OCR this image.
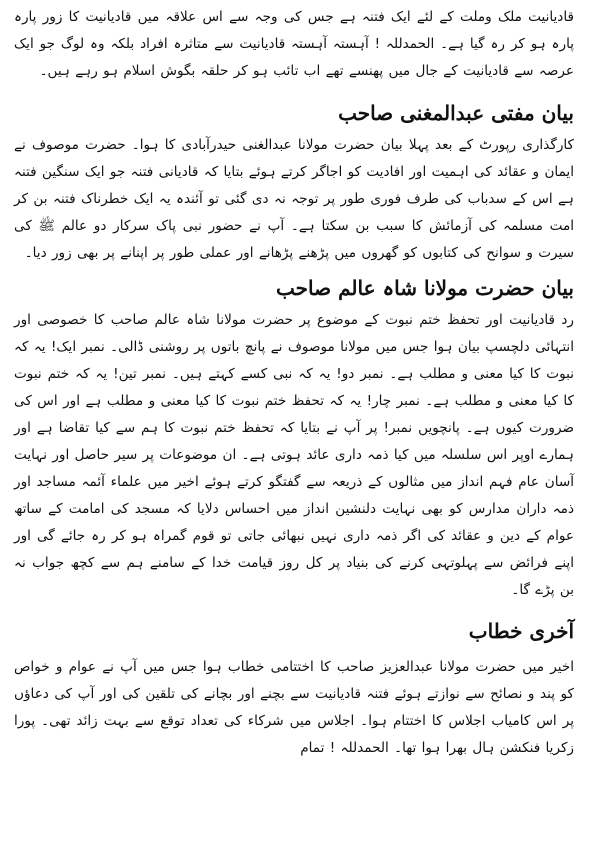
قادیانیت ملک وملت کے لئے ایک فتنہ ہے جس کی وجہ سے اس علاقہ میں قادیانیت کا زور پارہ پارہ ہو کر رہ گیا ہے۔ الحمدللہ ! آہستہ آہستہ قادیانیت سے متاثرہ افراد بلکہ وہ لوگ جو ایک عرصہ سے قادیانیت کے جال میں پھنسے تھے اب تائب ہو کر حلقہ بگوش اسلام ہو رہے ہیں۔

بیان مفتی عبدالمغنی صاحب

کارگذاری رپورٹ کے بعد پہلا بیان حضرت مولانا عبدالغنی حیدرآبادی کا ہوا۔ حضرت موصوف نے ایمان و عقائد کی اہمیت اور افادیت کو اجاگر کرتے ہوئے بتایا کہ قادیانی فتنہ جو ایک سنگین فتنہ ہے اس کے سدباب کی طرف فوری طور پر توجہ نہ دی گئی تو آئندہ یہ ایک خطرناک فتنہ بن کر امت مسلمہ کی آزمائش کا سبب بن سکتا ہے۔ آپ نے حضور نبی پاک سرکار دو عالم ﷺ کی سیرت و سوانح کی کتابوں کو گھروں میں پڑھنے پڑھانے اور عملی طور پر اپنانے پر بھی زور دیا۔

بیان حضرت مولانا شاہ عالم صاحب

رد قادیانیت اور تحفظ ختم نبوت کے موضوع پر حضرت مولانا شاہ عالم صاحب کا خصوصی اور انتہائی دلچسپ بیان ہوا جس میں مولانا موصوف نے پانچ باتوں پر روشنی ڈالی۔ نمبر ایک! یہ کہ نبوت کا کیا معنی و مطلب ہے۔ نمبر دو! یہ کہ نبی کسے کہتے ہیں۔ نمبر تین! یہ کہ ختم نبوت کا کیا معنی و مطلب ہے۔ نمبر چار! یہ کہ تحفظ ختم نبوت کا کیا معنی و مطلب ہے اور اس کی ضرورت کیوں ہے۔ پانچویں نمبر! پر آپ نے بتایا کہ تحفظ ختم نبوت کا ہم سے کیا تقاضا ہے اور ہمارے اوپر اس سلسلہ میں کیا ذمہ داری عائد ہوتی ہے۔ ان موضوعات پر سیر حاصل اور نہایت آسان عام فہم انداز میں مثالوں کے ذریعہ سے گفتگو کرتے ہوئے اخیر میں علماء آئمہ مساجد اور ذمہ داران مدارس کو بھی نہایت دلنشین انداز میں احساس دلایا کہ مسجد کی امامت کے ساتھ عوام کے دین و عقائد کی اگر ذمہ داری نہیں نبھائی جاتی تو قوم گمراہ ہو کر رہ جائے گی اور اپنے فرائض سے پہلوتہی کرنے کی بنیاد پر کل روز قیامت خدا کے سامنے ہم سے کچھ جواب نہ بن پڑے گا۔

آخری خطاب

اخیر میں حضرت مولانا عبدالعزیز صاحب کا اختتامی خطاب ہوا جس میں آپ نے عوام و خواص کو پند و نصائح سے نوازتے ہوئے فتنہ قادیانیت سے بچنے اور بچانے کی تلقین کی اور آپ کی دعاؤں پر اس کامیاب اجلاس کا اختتام ہوا۔ اجلاس میں شرکاء کی تعداد توقع سے بہت زائد تھی۔ پورا زکریا فنکشن ہال بھرا ہوا تھا۔ الحمدللہ ! تمام
